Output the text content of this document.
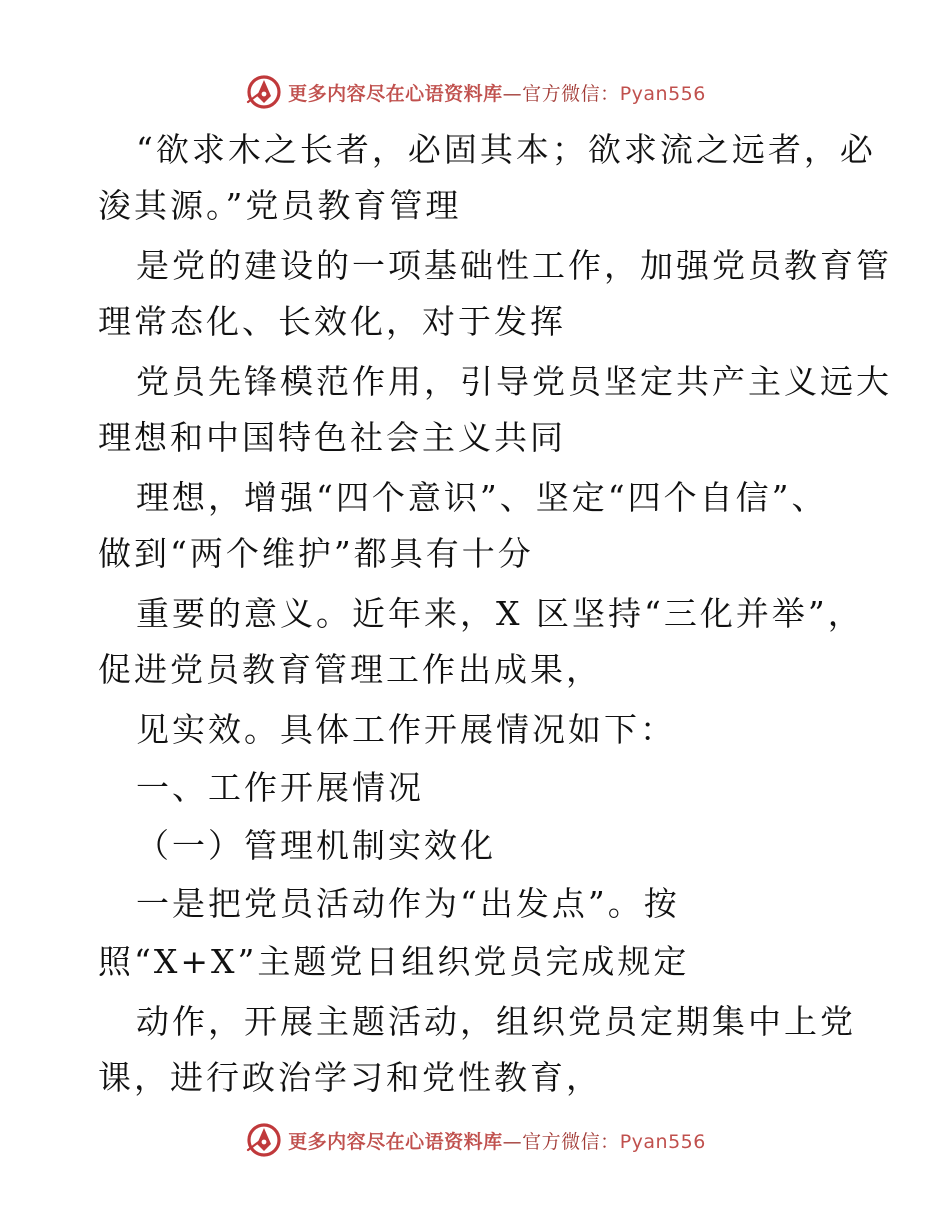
更多内容尽在心语资料库—官方微信：Pyan556
“欲求木之长者，必固其本；欲求流之远者，必
浚其源。”党员教育管理
是党的建设的一项基础性工作，加强党员教育管
理常态化、长效化，对于发挥
党员先锋模范作用，引导党员坚定共产主义远大
理想和中国特色社会主义共同
理想，增强“四个意识”、坚定“四个自信”、
做到“两个维护”都具有十分
重要的意义。近年来，X 区坚持“三化并举”，
促进党员教育管理工作出成果，
见实效。具体工作开展情况如下：
一、工作开展情况
（一）管理机制实效化
一是把党员活动作为“出发点”。按
照“X+X”主题党日组织党员完成规定
动作，开展主题活动，组织党员定期集中上党
课，进行政治学习和党性教育，
更多内容尽在心语资料库—官方微信：Pyan556
